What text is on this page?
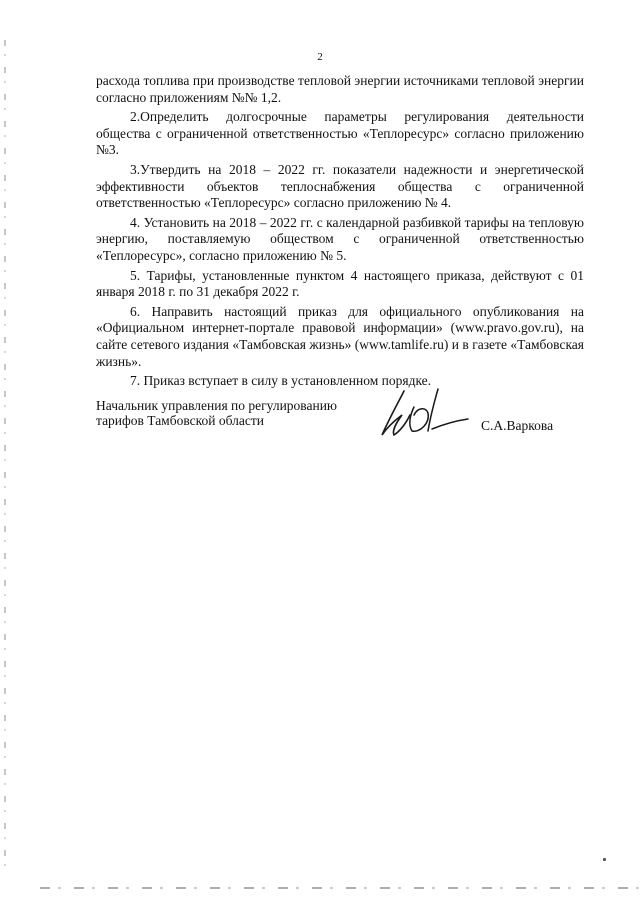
2

расхода топлива при производстве тепловой энергии источниками тепловой энергии согласно приложениям №№ 1,2.

2.Определить долгосрочные параметры регулирования деятельности общества с ограниченной ответственностью «Теплоресурс» согласно приложению №3.

3.Утвердить на 2018 – 2022 гг. показатели надежности и энергетической эффективности объектов теплоснабжения общества с ограниченной ответственностью «Теплоресурс» согласно приложению № 4.

4. Установить на 2018 – 2022 гг. с календарной разбивкой тарифы на тепловую энергию, поставляемую обществом с ограниченной ответственностью «Теплоресурс», согласно приложению № 5.

5. Тарифы, установленные пунктом 4 настоящего приказа, действуют с 01 января 2018 г. по 31 декабря 2022 г.

6. Направить настоящий приказ для официального опубликования на «Официальном интернет-портале правовой информации» (www.pravo.gov.ru), на сайте сетевого издания «Тамбовская жизнь» (www.tamlife.ru) и в газете «Тамбовская жизнь».

7. Приказ вступает в силу в установленном порядке.

Начальник управления по регулированию
тарифов Тамбовской области	С.А.Варкова
